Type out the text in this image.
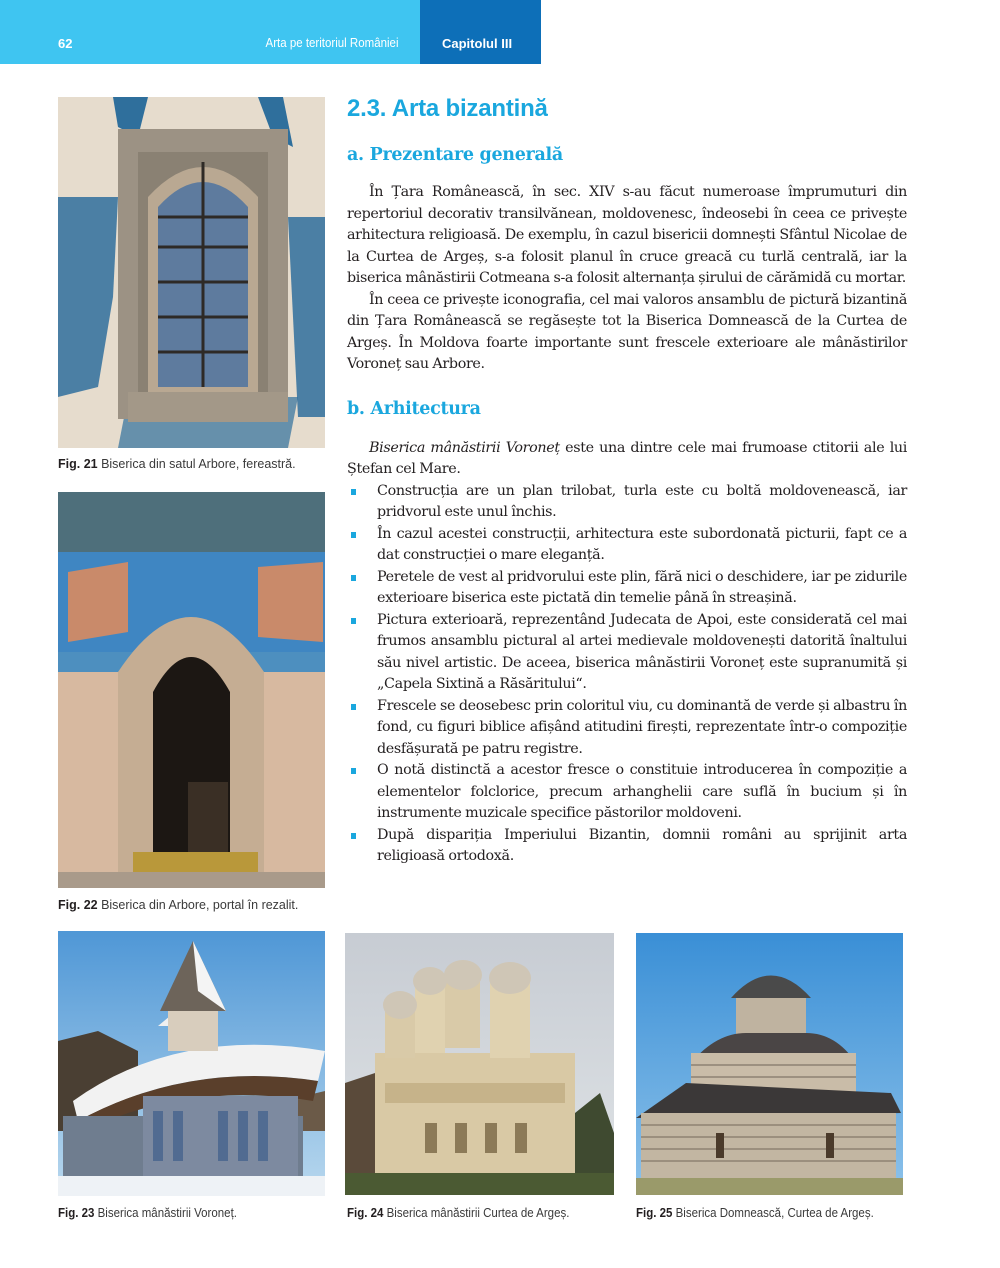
62	Arta pe teritoriul României	Capitolul III
Fig. 21 Biserica din satul Arbore, fereastră.
Fig. 22 Biserica din Arbore, portal în rezalit.
2.3. Arta bizantină
a. Prezentare generală

În Țara Românească, în sec. XIV s-au făcut numeroase împrumuturi din repertoriul decorativ transilvănean, moldovenesc, îndeosebi în ceea ce privește arhitectura religioasă. De exemplu, în cazul bisericii domnești Sfântul Nicolae de la Curtea de Argeș, s-a folosit planul în cruce greacă cu turlă centrală, iar la biserica mânăstirii Cotmeana s-a folosit alternanța șirului de cărămidă cu mortar.

În ceea ce privește iconografia, cel mai valoros ansamblu de pictură bizantină din Țara Românească se regăsește tot la Biserica Domnească de la Curtea de Argeș. În Moldova foarte importante sunt frescele exterioare ale mânăstirilor Voroneț sau Arbore.

b. Arhitectura

Biserica mânăstirii Voroneț este una dintre cele mai frumoase ctitorii ale lui Ștefan cel Mare.

Construcția are un plan trilobat, turla este cu boltă moldovenească, iar pridvorul este unul închis.
În cazul acestei construcții, arhitectura este subordonată picturii, fapt ce a dat construcției o mare eleganță.
Peretele de vest al pridvorului este plin, fără nici o deschidere, iar pe zidurile exterioare biserica este pictată din temelie până în streașină.
Pictura exterioară, reprezentând Judecata de Apoi, este considerată cel mai frumos ansamblu pictural al artei medievale moldovenești datorită înaltului său nivel artistic. De aceea, biserica mânăstirii Voroneț este supranumită și „Capela Sixtină a Răsăritului“.
Frescele se deosebesc prin coloritul viu, cu dominantă de verde și albastru în fond, cu figuri biblice afișând atitudini firești, reprezentate într-o compoziție desfășurată pe patru registre.
O notă distinctă a acestor fresce o constituie introducerea în compoziție a elementelor folclorice, precum arhanghelii care suflă în bucium și în instrumente muzicale specifice păstorilor moldoveni.
După dispariția Imperiului Bizantin, domnii români au sprijinit arta religioasă ortodoxă.
Fig. 23 Biserica mânăstirii Voroneț.	Fig. 24 Biserica mânăstirii Curtea de Argeș.	Fig. 25 Biserica Domnească, Curtea de Argeș.
